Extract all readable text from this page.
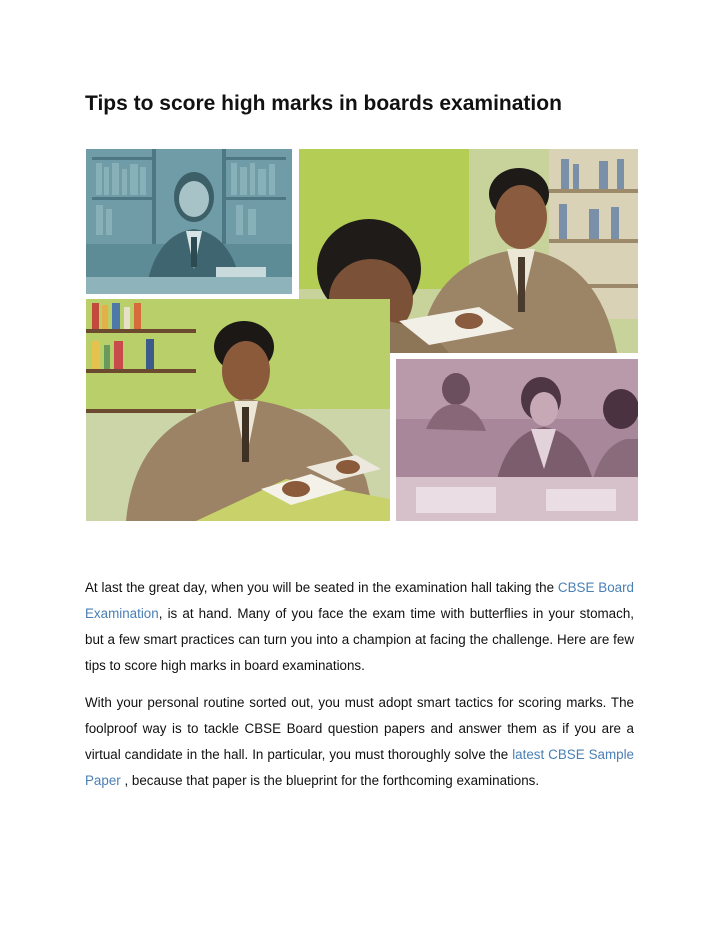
Tips to score high marks in boards examination

At last the great day, when you will be seated in the examination hall taking the CBSE Board Examination, is at hand. Many of you face the exam time with butterflies in your stomach, but a few smart practices can turn you into a champion at facing the challenge. Here are few tips to score high marks in board examinations.

With your personal routine sorted out, you must adopt smart tactics for scoring marks. The foolproof way is to tackle CBSE Board question papers and answer them as if you are a virtual candidate in the hall. In particular, you must thoroughly solve the latest CBSE Sample Paper , because that paper is the blueprint for the forthcoming examinations.
